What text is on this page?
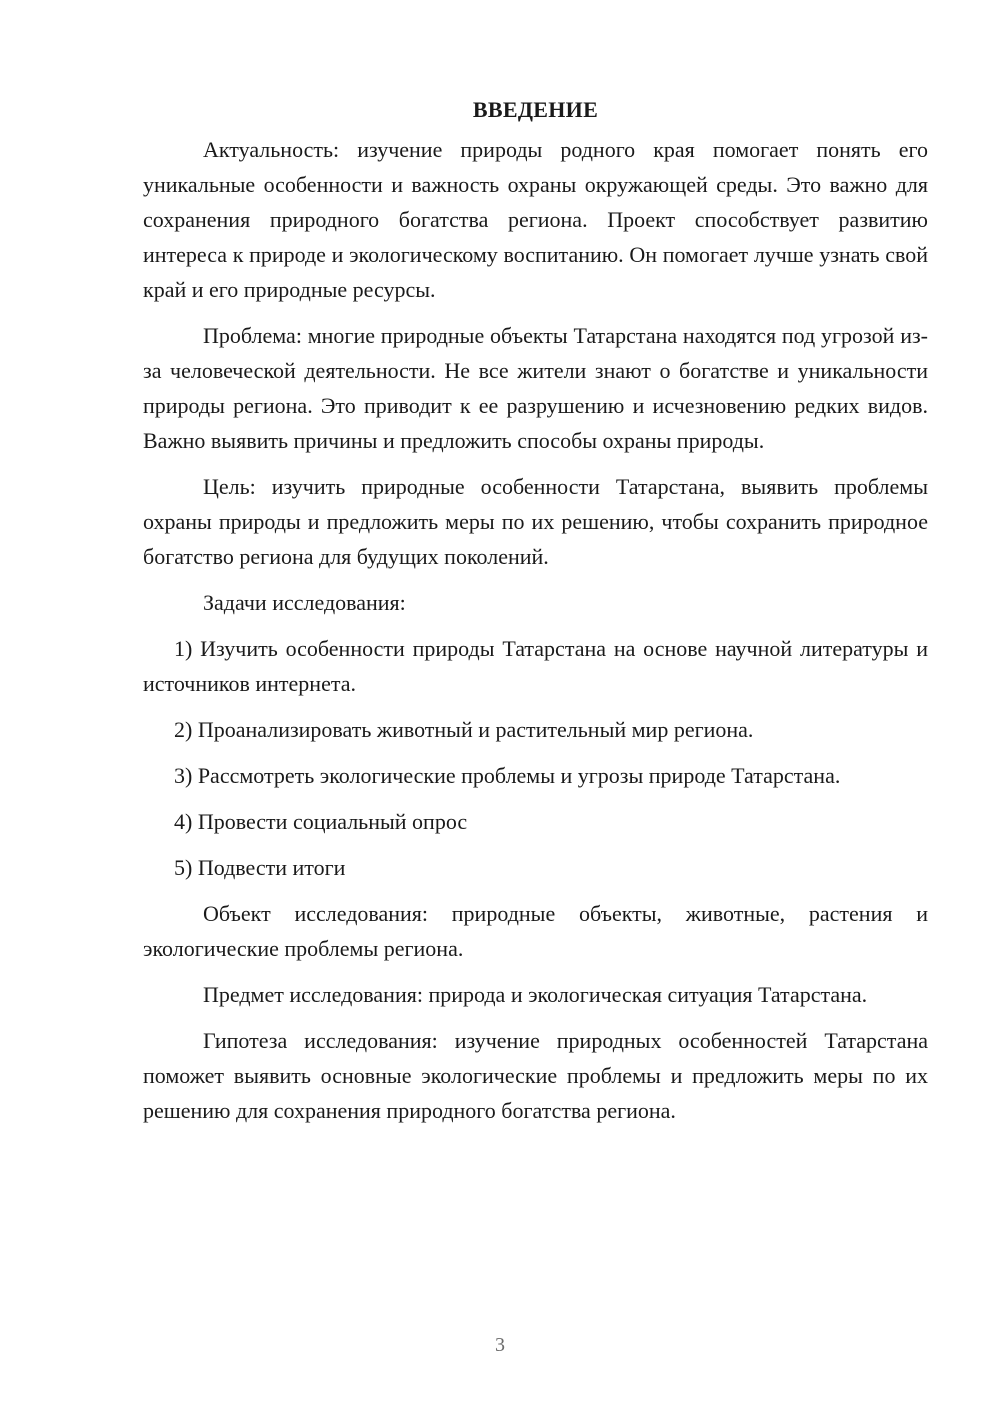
ВВЕДЕНИЕ

Актуальность: изучение природы родного края помогает понять его уникальные особенности и важность охраны окружающей среды. Это важно для сохранения природного богатства региона. Проект способствует развитию интереса к природе и экологическому воспитанию. Он помогает лучше узнать свой край и его природные ресурсы.

Проблема: многие природные объекты Татарстана находятся под угрозой из-за человеческой деятельности. Не все жители знают о богатстве и уникальности природы региона. Это приводит к ее разрушению и исчезновению редких видов. Важно выявить причины и предложить способы охраны природы.

Цель: изучить природные особенности Татарстана, выявить проблемы охраны природы и предложить меры по их решению, чтобы сохранить природное богатство региона для будущих поколений.

Задачи исследования:

1) Изучить особенности природы Татарстана на основе научной литературы и источников интернета.

2) Проанализировать животный и растительный мир региона.

3) Рассмотреть экологические проблемы и угрозы природе Татарстана.

4) Провести социальный опрос

5) Подвести итоги

Объект исследования: природные объекты, животные, растения и экологические проблемы региона.

Предмет исследования: природа и экологическая ситуация Татарстана.

Гипотеза исследования: изучение природных особенностей Татарстана поможет выявить основные экологические проблемы и предложить меры по их решению для сохранения природного богатства региона.

3
